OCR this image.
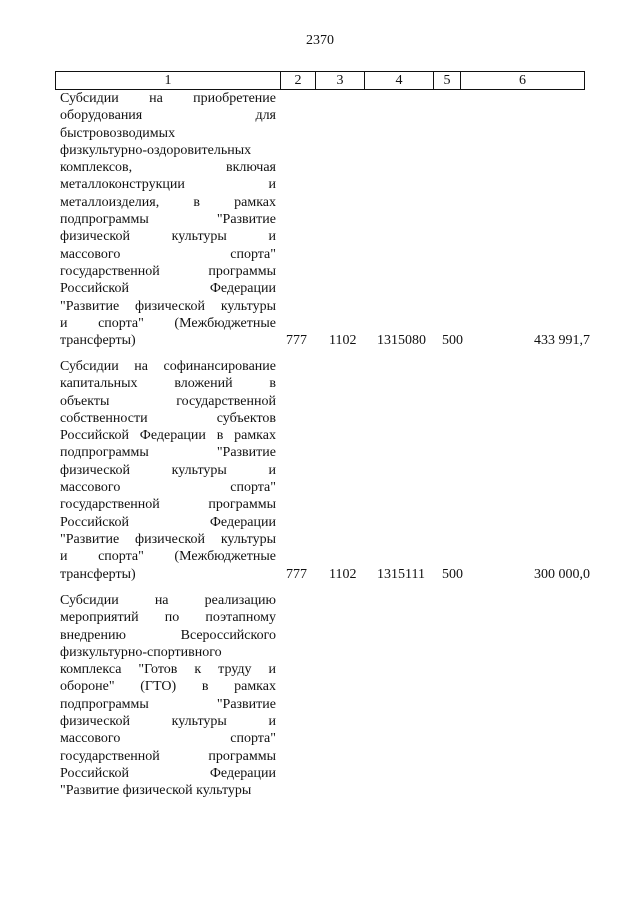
2370
1	2	3	4	5	6
Субсидии на приобретение
оборудования для
быстровозводимых
физкультурно-оздоровительных
комплексов, включая
металлоконструкции и
металлоизделия, в рамках
подпрограммы "Развитие
физической культуры и
массового спорта"
государственной программы
Российской Федерации
"Развитие физической культуры
и спорта" (Межбюджетные
трансферты)	777 1102 1315080 500	433 991,7
Субсидии на софинансирование
капитальных вложений в
объекты государственной
собственности субъектов
Российской Федерации в рамках
подпрограммы "Развитие
физической культуры и
массового спорта"
государственной программы
Российской Федерации
"Развитие физической культуры
и спорта" (Межбюджетные
трансферты)	777 1102 1315111 500	300 000,0
Субсидии на реализацию
мероприятий по поэтапному
внедрению Всероссийского
физкультурно-спортивного
комплекса "Готов к труду и
обороне" (ГТО) в рамках
подпрограммы "Развитие
физической культуры и
массового спорта"
государственной программы
Российской Федерации
"Развитие физической культуры
